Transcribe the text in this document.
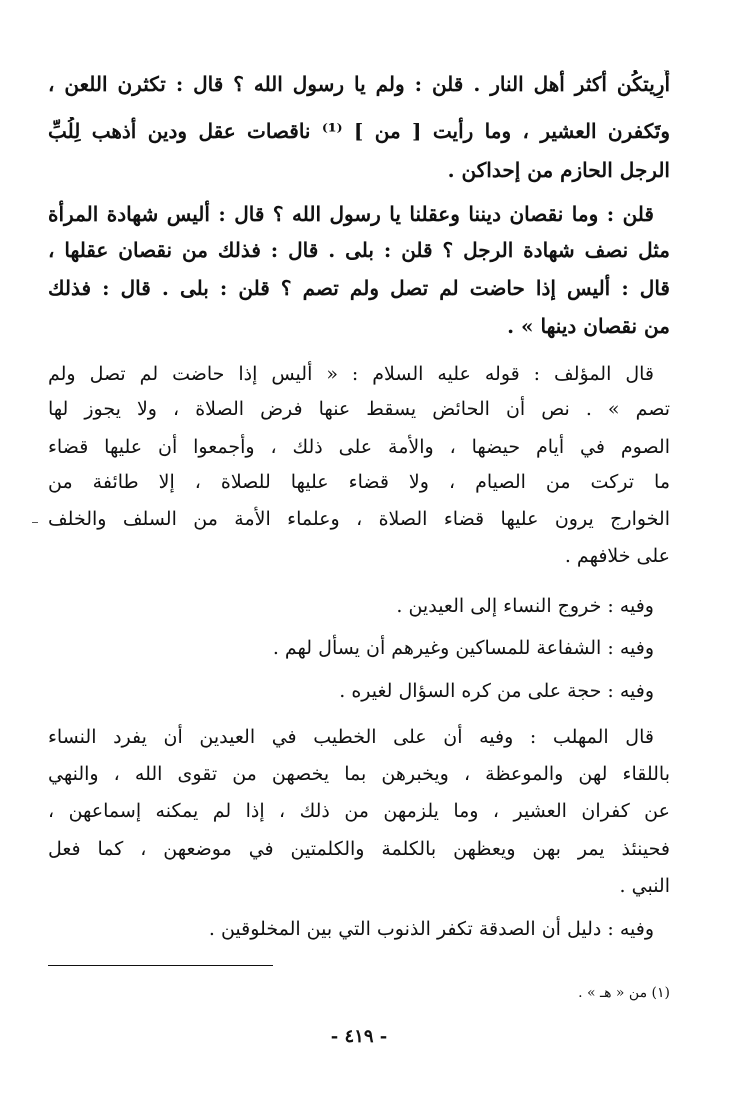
أُرِيتكُن أكثر أهل النار . قلن : ولم يا رسول الله ؟ قال : تكثرن اللعن ،
وتَكفرن العشير ، وما رأيت [ من ] ⁽¹⁾ ناقصات عقل ودين أذهب لِلُبِّ
الرجل الحازم من إحداكن .
قلن : وما نقصان ديننا وعقلنا يا رسول الله ؟ قال : أليس شهادة المرأة
مثل نصف شهادة الرجل ؟ قلن : بلى . قال : فذلك من نقصان عقلها ،
قال : أليس إذا حاضت لم تصل ولم تصم ؟ قلن : بلى . قال : فذلك
من نقصان دينها » .
قال المؤلف : قوله عليه السلام : « أليس إذا حاضت لم تصل ولم
تصم » . نص أن الحائض يسقط عنها فرض الصلاة ، ولا يجوز لها
الصوم في أيام حيضها ، والأمة على ذلك ، وأجمعوا أن عليها قضاء
ما تركت من الصيام ، ولا قضاء عليها للصلاة ، إلا طائفة من
الخوارج يرون عليها قضاء الصلاة ، وعلماء الأمة من السلف والخلف
على خلافهم .
وفيه : خروج النساء إلى العيدين .
وفيه : الشفاعة للمساكين وغيرهم أن يسأل لهم .
وفيه : حجة على من كره السؤال لغيره .
قال المهلب : وفيه أن على الخطيب في العيدين أن يفرد النساء
باللقاء لهن والموعظة ، ويخبرهن بما يخصهن من تقوى الله ، والنهي
عن كفران العشير ، وما يلزمهن من ذلك ، إذا لم يمكنه إسماعهن ،
فحينئذ يمر بهن ويعظهن بالكلمة والكلمتين في موضعهن ، كما فعل
النبي .
وفيه : دليل أن الصدقة تكفر الذنوب التي بين المخلوقين .
(١) من « هـ » .
- ٤١٩ -
